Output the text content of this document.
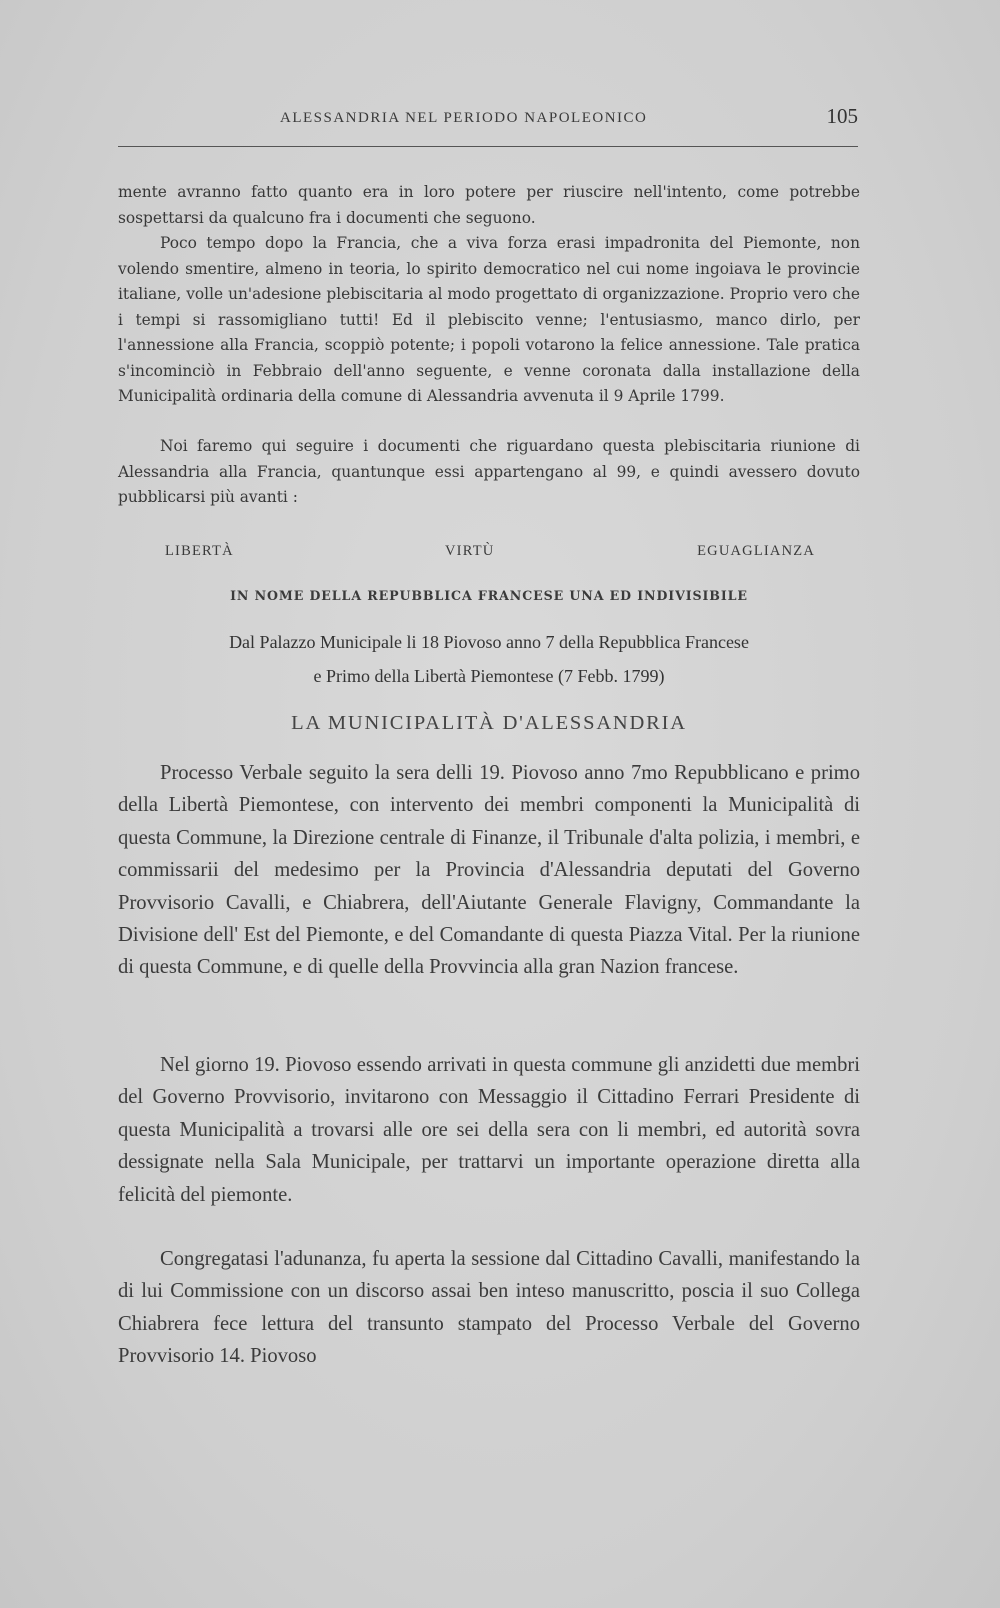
ALESSANDRIA NEL PERIODO NAPOLEONICO	105

mente avranno fatto quanto era in loro potere per riuscire nell'intento, come potrebbe sospettarsi da qualcuno fra i documenti che seguono.

Poco tempo dopo la Francia, che a viva forza erasi impadronita del Piemonte, non volendo smentire, almeno in teoria, lo spirito democratico nel cui nome ingoiava le provincie italiane, volle un'adesione plebiscitaria al modo progettato di organizzazione. Proprio vero che i tempi si rassomigliano tutti! Ed il plebiscito venne; l'entusiasmo, manco dirlo, per l'annessione alla Francia, scoppiò potente; i popoli votarono la felice annessione. Tale pratica s'incominciò in Febbraio dell'anno seguente, e venne coronata dalla installazione della Municipalità ordinaria della comune di Alessandria avvenuta il 9 Aprile 1799.

Noi faremo qui seguire i documenti che riguardano questa plebiscitaria riunione di Alessandria alla Francia, quantunque essi appartengano al 99, e quindi avessero dovuto pubblicarsi più avanti :

LIBERTÀ	VIRTÙ	EGUAGLIANZA
IN NOME DELLA REPUBBLICA FRANCESE UNA ED INDIVISIBILE
Dal Palazzo Municipale li 18 Piovoso anno 7 della Repubblica Francese
e Primo della Libertà Piemontese (7 Febb. 1799)
LA MUNICIPALITÀ D'ALESSANDRIA

Processo Verbale seguito la sera delli 19. Piovoso anno 7mo Repubblicano e primo della Libertà Piemontese, con intervento dei membri componenti la Municipalità di questa Commune, la Direzione centrale di Finanze, il Tribunale d'alta polizia, i membri, e commissarii del medesimo per la Provincia d'Alessandria deputati del Governo Provvisorio Cavalli, e Chiabrera, dell'Aiutante Generale Flavigny, Commandante la Divisione dell' Est del Piemonte, e del Comandante di questa Piazza Vital. Per la riunione di questa Commune, e di quelle della Provvincia alla gran Nazion francese.

Nel giorno 19. Piovoso essendo arrivati in questa commune gli anzidetti due membri del Governo Provvisorio, invitarono con Messaggio il Cittadino Ferrari Presidente di questa Municipalità a trovarsi alle ore sei della sera con li membri, ed autorità sovra dessignate nella Sala Municipale, per trattarvi un importante operazione diretta alla felicità del piemonte.

Congregatasi l'adunanza, fu aperta la sessione dal Cittadino Cavalli, manifestando la di lui Commissione con un discorso assai ben inteso manuscritto, poscia il suo Collega Chiabrera fece lettura del transunto stampato del Processo Verbale del Governo Provvisorio 14. Piovoso
